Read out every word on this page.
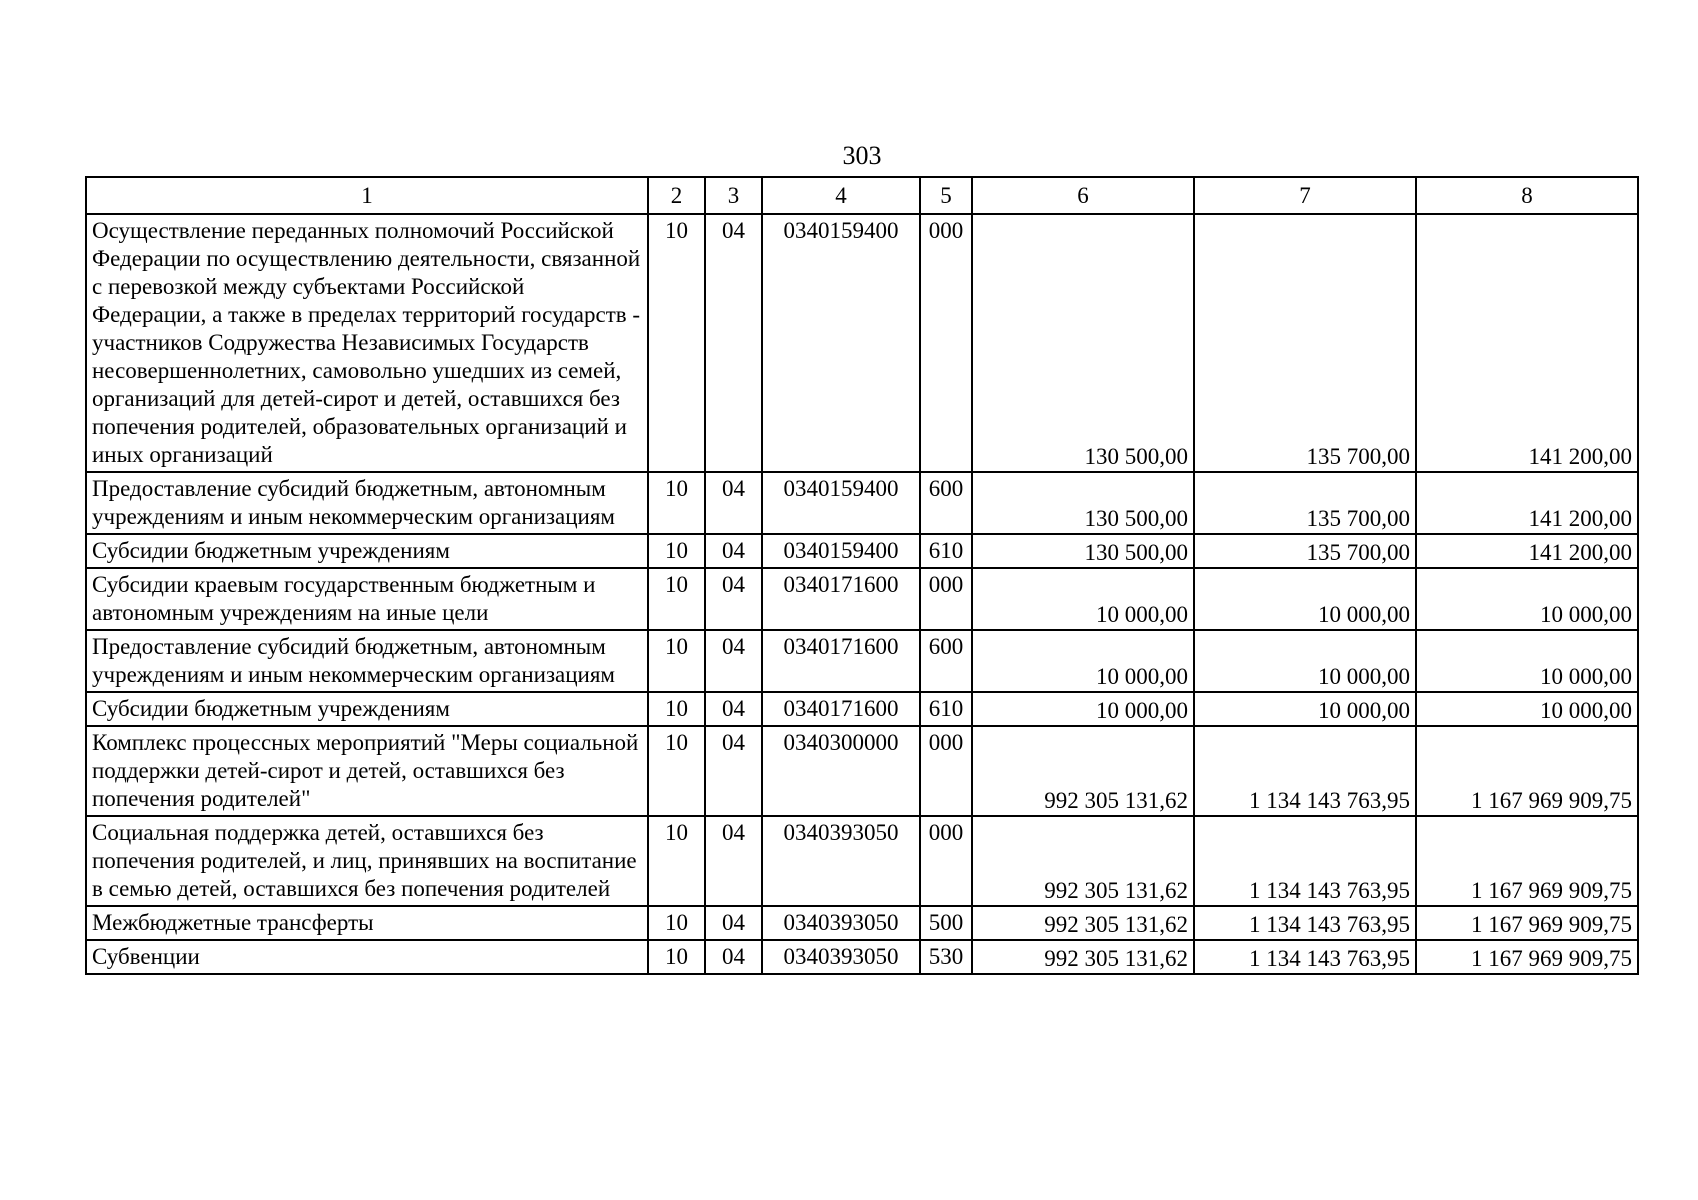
303
1	2	3	4	5	6	7	8
Осуществление переданных полномочий Российской Федерации по осуществлению деятельности, связанной с перевозкой между субъектами Российской Федерации, а также в пределах территорий государств - участников Содружества Независимых Государств несовершеннолетних, самовольно ушедших из семей, организаций для детей-сирот и детей, оставшихся без попечения родителей, образовательных организаций и иных организаций	10	04	0340159400	000	130 500,00	135 700,00	141 200,00
Предоставление субсидий бюджетным, автономным учреждениям и иным некоммерческим организациям	10	04	0340159400	600	130 500,00	135 700,00	141 200,00
Субсидии бюджетным учреждениям	10	04	0340159400	610	130 500,00	135 700,00	141 200,00
Субсидии краевым государственным бюджетным и автономным учреждениям на иные цели	10	04	0340171600	000	10 000,00	10 000,00	10 000,00
Предоставление субсидий бюджетным, автономным учреждениям и иным некоммерческим организациям	10	04	0340171600	600	10 000,00	10 000,00	10 000,00
Субсидии бюджетным учреждениям	10	04	0340171600	610	10 000,00	10 000,00	10 000,00
Комплекс процессных мероприятий "Меры социальной поддержки детей-сирот и детей, оставшихся без попечения родителей"	10	04	0340300000	000	992 305 131,62	1 134 143 763,95	1 167 969 909,75
Социальная поддержка детей, оставшихся без попечения родителей, и лиц, принявших на воспитание в семью детей, оставшихся без попечения родителей	10	04	0340393050	000	992 305 131,62	1 134 143 763,95	1 167 969 909,75
Межбюджетные трансферты	10	04	0340393050	500	992 305 131,62	1 134 143 763,95	1 167 969 909,75
Субвенции	10	04	0340393050	530	992 305 131,62	1 134 143 763,95	1 167 969 909,75
